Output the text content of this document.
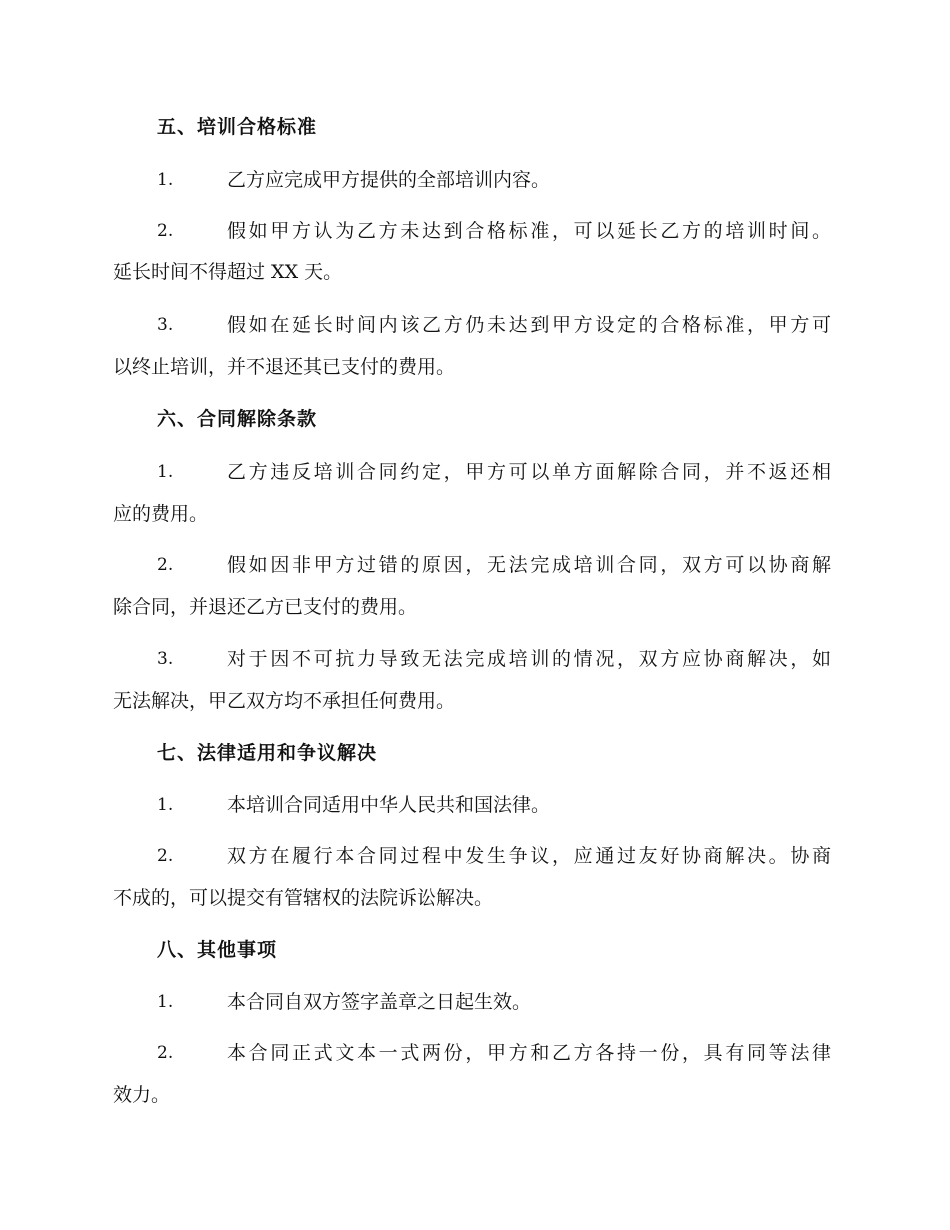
五、培训合格标准
1.	乙方应完成甲方提供的全部培训内容。
2.	假如甲方认为乙方未达到合格标准，可以延长乙方的培训时间。
延长时间不得超过 XX 天。
3.	假如在延长时间内该乙方仍未达到甲方设定的合格标准，甲方可
以终止培训，并不退还其已支付的费用。
六、合同解除条款
1.	乙方违反培训合同约定，甲方可以单方面解除合同，并不返还相
应的费用。
2.	假如因非甲方过错的原因，无法完成培训合同，双方可以协商解
除合同，并退还乙方已支付的费用。
3.	对于因不可抗力导致无法完成培训的情况，双方应协商解决，如
无法解决，甲乙双方均不承担任何费用。
七、法律适用和争议解决
1.	本培训合同适用中华人民共和国法律。
2.	双方在履行本合同过程中发生争议，应通过友好协商解决。协商
不成的，可以提交有管辖权的法院诉讼解决。
八、其他事项
1.	本合同自双方签字盖章之日起生效。
2.	本合同正式文本一式两份，甲方和乙方各持一份，具有同等法律
效力。
